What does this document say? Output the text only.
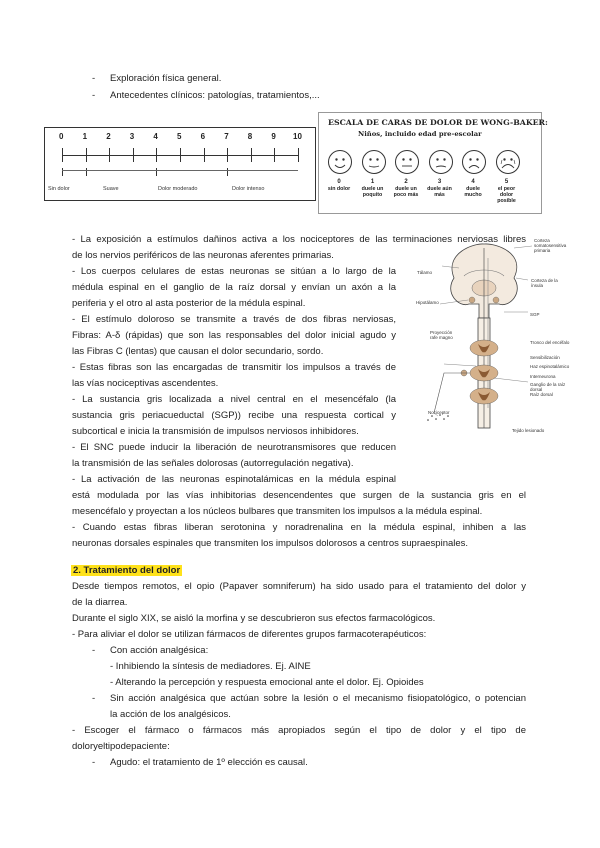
- Exploración física general.
- Antecedentes clínicos: patologías, tratamientos,...
0 1 2 3 4 5 6 7 8 9 10
Sin dolor	Suave	Dolor moderado	Dolor intenso
ESCALA DE CARAS DE DOLOR DE WONG-BAKER:
Niños, incluido edad pre-escolar
0
sin dolor
1
duele un poquito
2
duele un poco más
3
duele aún más
4
duele mucho
5
el peor dolor posible
Corteza somatosensitiva primaria
Tálamo
Corteza de la ínsula
Hipotálamo
SGP
Proyección rafe magno
Tronco del encéfalo
Sensibilización
Haz espinotalámico
Interneurona
Ganglio de la raíz dorsal
Raíz dorsal
Nociceptor
Tejido lesionado
- La exposición a estímulos dañinos activa a los nociceptores de las terminaciones nerviosas libres
de los nervios periféricos de las neuronas aferentes primarias.
- Los cuerpos celulares de estas neuronas se sitúan a lo largo de la
médula espinal en el ganglio de la raíz dorsal y envían un axón a la
periferia y el otro al asta posterior de la médula espinal.
- El estímulo doloroso se transmite a través de dos fibras nerviosas,
Fibras: A-δ (rápidas) que son las responsables del dolor inicial agudo y
las Fibras C (lentas) que causan el dolor secundario, sordo.
- Estas fibras son las encargadas de transmitir los impulsos a través de
las vías nociceptivas ascendentes.
- La sustancia gris localizada a nivel central en el mesencéfalo (la
sustancia gris periacueductal (SGP)) recibe una respuesta cortical y
subcortical e inicia la transmisión de impulsos nerviosos inhibidores.
- El SNC puede inducir la liberación de neurotransmisores que reducen
la transmisión de las señales dolorosas (autorregulación negativa).
- La activación de las neuronas espinotalámicas en la médula espinal
está modulada por las vías inhibitorias desencendentes que surgen de la sustancia gris en el
mesencéfalo y proyectan a los núcleos bulbares que transmiten los impulsos a la médula espinal.
- Cuando estas fibras liberan serotonina y noradrenalina en la médula espinal, inhiben a las
neuronas dorsales espinales que transmiten los impulsos dolorosos a centros supraespinales.
2. Tratamiento del dolor
Desde tiempos remotos, el opio (Papaver somniferum) ha sido usado para el tratamiento del dolor y
de la diarrea.
Durante el siglo XIX, se aisló la morfina y se descubrieron sus efectos farmacológicos.
- Para aliviar el dolor se utilizan fármacos de diferentes grupos farmacoterapéuticos:
- Con acción analgésica:
- Inhibiendo la síntesis de mediadores. Ej. AINE
- Alterando la percepción y respuesta emocional ante el dolor. Ej. Opioides
- Sin acción analgésica que actúan sobre la lesión o el mecanismo fisiopatológico, o potencian
la acción de los analgésicos.
- Escoger el fármaco o fármacos más apropiados según el tipo de dolor y el tipo de
doloryeltipodepaciente:
- Agudo: el tratamiento de 1º elección es causal.
